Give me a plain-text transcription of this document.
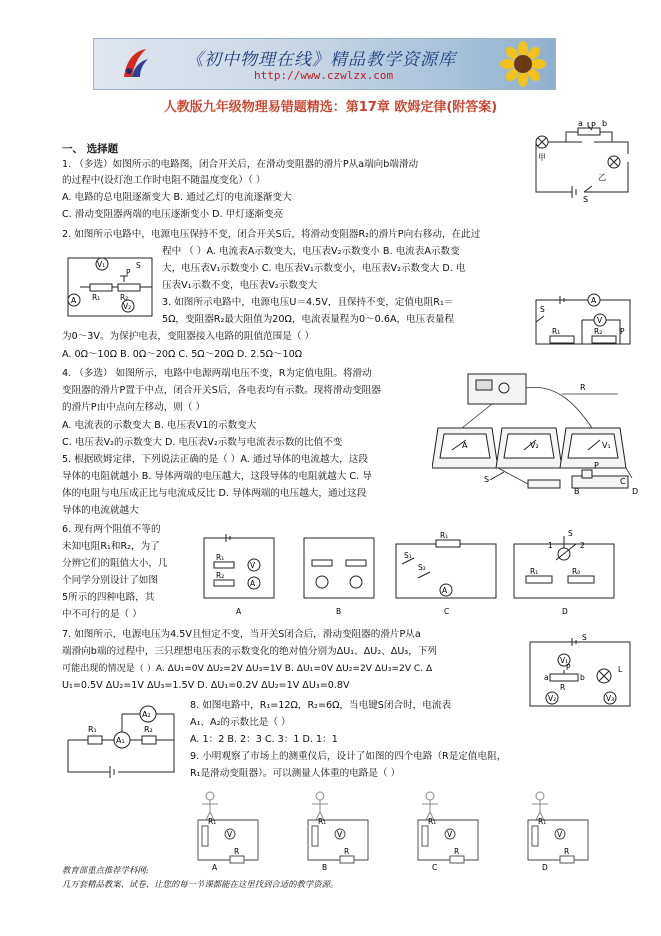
《初中物理在线》精品教学资源库
http://www.czwlzx.com
人教版九年级物理易错题精选：第17章 欧姆定律(附答案)
一、 选择题
1. （多选）如图所示的电路图，闭合开关后，在滑动变阻器的滑片P从a端向b端滑动
的过程中(设灯泡工作时电阻不随温度变化）（ ）
A. 电路的总电阻逐渐变大 B. 通过乙灯的电流逐渐变大
C. 滑动变阻器两端的电压逐渐变小 D. 甲灯逐渐变亮
2. 如图所示电路中，电源电压保持不变，闭合开关S后，将滑动变阻器R₂的滑片P向右移动，在此过
程中 （ ）A. 电流表A示数变大，电压表V₂示数变小 B. 电流表A示数变
大，电压表V₁示数变小 C. 电压表V₁示数变小，电压表V₂示数变大 D. 电
压表V₁示数不变，电压表V₂示数变大
3. 如图所示电路中，电源电压U＝4.5V，且保持不变，定值电阻R₁＝
5Ω，变阻器R₂最大阻值为20Ω，电流表量程为0～0.6A，电压表量程
为0～3V。为保护电表，变阻器接入电路的阻值范围是（ ）
A. 0Ω～10Ω B. 0Ω～20Ω C. 5Ω～20Ω D. 2.5Ω～10Ω
4. （多选） 如图所示，电路中电源两端电压不变，R为定值电阻。将滑动
变阻器的滑片P置于中点，闭合开关S后，各电表均有示数。现将滑动变阻器
的滑片P由中点向左移动，则（ ）
A. 电流表的示数变大 B. 电压表V1的示数变大
C. 电压表V₂的示数变大 D. 电压表V₂示数与电流表示数的比值不变
5. 根据欧姆定律，下列说法正确的是（ ）A. 通过导体的电流越大，这段
导体的电阻就越小 B. 导体两端的电压越大，这段导体的电阻就越大 C. 导
体的电阻与电压成正比与电流成反比 D. 导体两端的电压越大，通过这段
导体的电流就越大
6. 现有两个阻值不等的
未知电阻R₁和R₂，为了
分辨它们的阻值大小，几
个同学分别设计了如图
5所示的四种电路，其
中不可行的是（ ）
7. 如图所示，电源电压为4.5V且恒定不变，当开关S闭合后，滑动变阻器的滑片P从a
端滑向b端的过程中，三只理想电压表的示数变化的绝对值分别为ΔU₁、ΔU₂、ΔU₃，下列
可能出现的情况是（ ）A. ΔU₁=0V ΔU₂=2V ΔU₃=1V B. ΔU₁=0V ΔU₂=2V ΔU₃=2V C. Δ
U₁=0.5V ΔU₂=1V ΔU₃=1.5V D. ΔU₁=0.2V ΔU₂=1V ΔU₃=0.8V
8. 如图电路中，R₁=12Ω，R₂=6Ω，当电键S闭合时，电流表
A₁、A₂的示数比是（ ）
A. 1：2 B. 2：3 C. 3：1 D. 1：1
9. 小明观察了市场上的测重仪后，设计了如图的四个电路（R是定值电阻，
R₁是滑动变阻器）。可以测量人体重的电路是（ ）
甲
乙
a b
P
S
V₁
V₂
A
S
R₁	R₂
P
A
V
R₁	R₂ P
S
R
V₂	V₁
A
S
B
C
D
P
R₁
R₂
V
A
R₁
S₁
S₂
A
R₁	R₀
S
1	2
A	B	C	D
V₁
V₂	V₃
L
R
P
a	b
S
A₂
A₁
R₁	R₂
R₁
V
R
R₁
V
R
R₁
V
R
R₁
V
R
A	B	C	D
教育部重点推荐学科网:
几万套精品教案、试卷、让您的每一节课都能在这里找到合适的教学资源。
